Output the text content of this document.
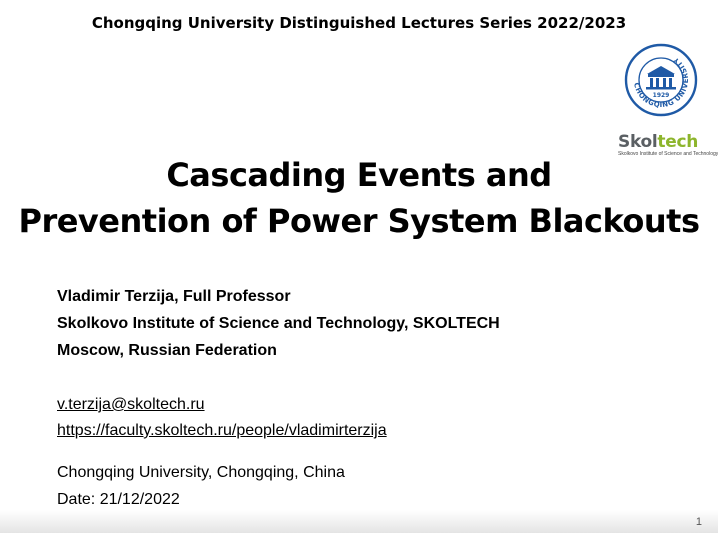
Chongqing University Distinguished Lectures Series 2022/2023
CHONGQING UNIVERSITY
1929
Skoltech
Skolkovo Institute of Science and Technology
Cascading Events and
Prevention of Power System Blackouts
Vladimir Terzija, Full Professor
Skolkovo Institute of Science and Technology, SKOLTECH
Moscow, Russian Federation
v.terzija@skoltech.ru
https://faculty.skoltech.ru/people/vladimirterzija
Chongqing University, Chongqing, China
Date: 21/12/2022
1
